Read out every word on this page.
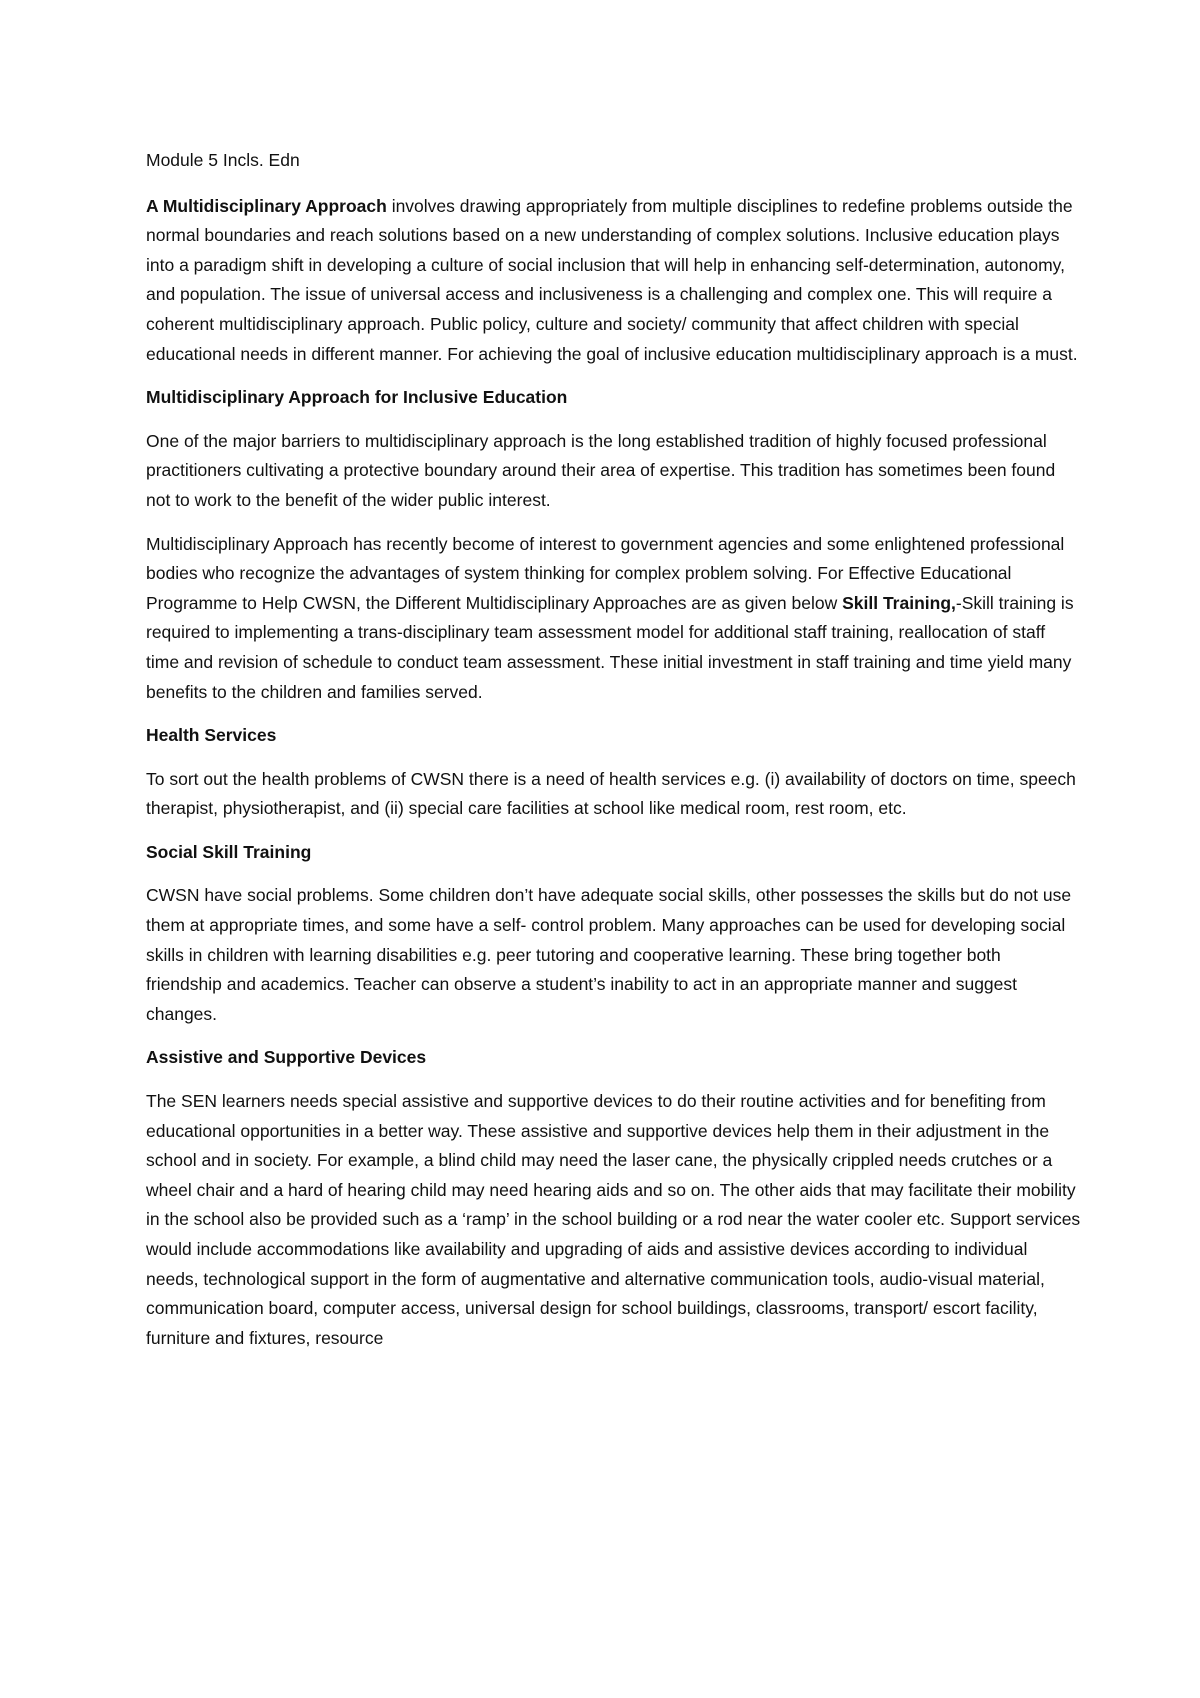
Module 5 Incls. Edn

A Multidisciplinary Approach involves drawing appropriately from multiple disciplines to redefine problems outside the normal boundaries and reach solutions based on a new understanding of complex solutions. Inclusive education plays into a paradigm shift in developing a culture of social inclusion that will help in enhancing self-determination, autonomy, and population. The issue of universal access and inclusiveness is a challenging and complex one. This will require a coherent multidisciplinary approach. Public policy, culture and society/ community that affect children with special educational needs in different manner. For achieving the goal of inclusive education multidisciplinary approach is a must.

Multidisciplinary Approach for Inclusive Education

One of the major barriers to multidisciplinary approach is the long established tradition of highly focused professional practitioners cultivating a protective boundary around their area of expertise. This tradition has sometimes been found not to work to the benefit of the wider public interest.

Multidisciplinary Approach has recently become of interest to government agencies and some enlightened professional bodies who recognize the advantages of system thinking for complex problem solving. For Effective Educational Programme to Help CWSN, the Different Multidisciplinary Approaches are as given below Skill Training,-Skill training is required to implementing a trans-disciplinary team assessment model for additional staff training, reallocation of staff time and revision of schedule to conduct team assessment. These initial investment in staff training and time yield many benefits to the children and families served.

Health Services

To sort out the health problems of CWSN there is a need of health services e.g. (i) availability of doctors on time, speech therapist, physiotherapist, and (ii) special care facilities at school like medical room, rest room, etc.

Social Skill Training

CWSN have social problems. Some children don’t have adequate social skills, other possesses the skills but do not use them at appropriate times, and some have a self- control problem. Many approaches can be used for developing social skills in children with learning disabilities e.g. peer tutoring and cooperative learning. These bring together both friendship and academics. Teacher can observe a student’s inability to act in an appropriate manner and suggest changes.

Assistive and Supportive Devices

The SEN learners needs special assistive and supportive devices to do their routine activities and for benefiting from educational opportunities in a better way. These assistive and supportive devices help them in their adjustment in the school and in society. For example, a blind child may need the laser cane, the physically crippled needs crutches or a wheel chair and a hard of hearing child may need hearing aids and so on. The other aids that may facilitate their mobility in the school also be provided such as a ‘ramp’ in the school building or a rod near the water cooler etc. Support services would include accommodations like availability and upgrading of aids and assistive devices according to individual needs, technological support in the form of augmentative and alternative communication tools, audio-visual material, communication board, computer access, universal design for school buildings, classrooms, transport/ escort facility, furniture and fixtures, resource
